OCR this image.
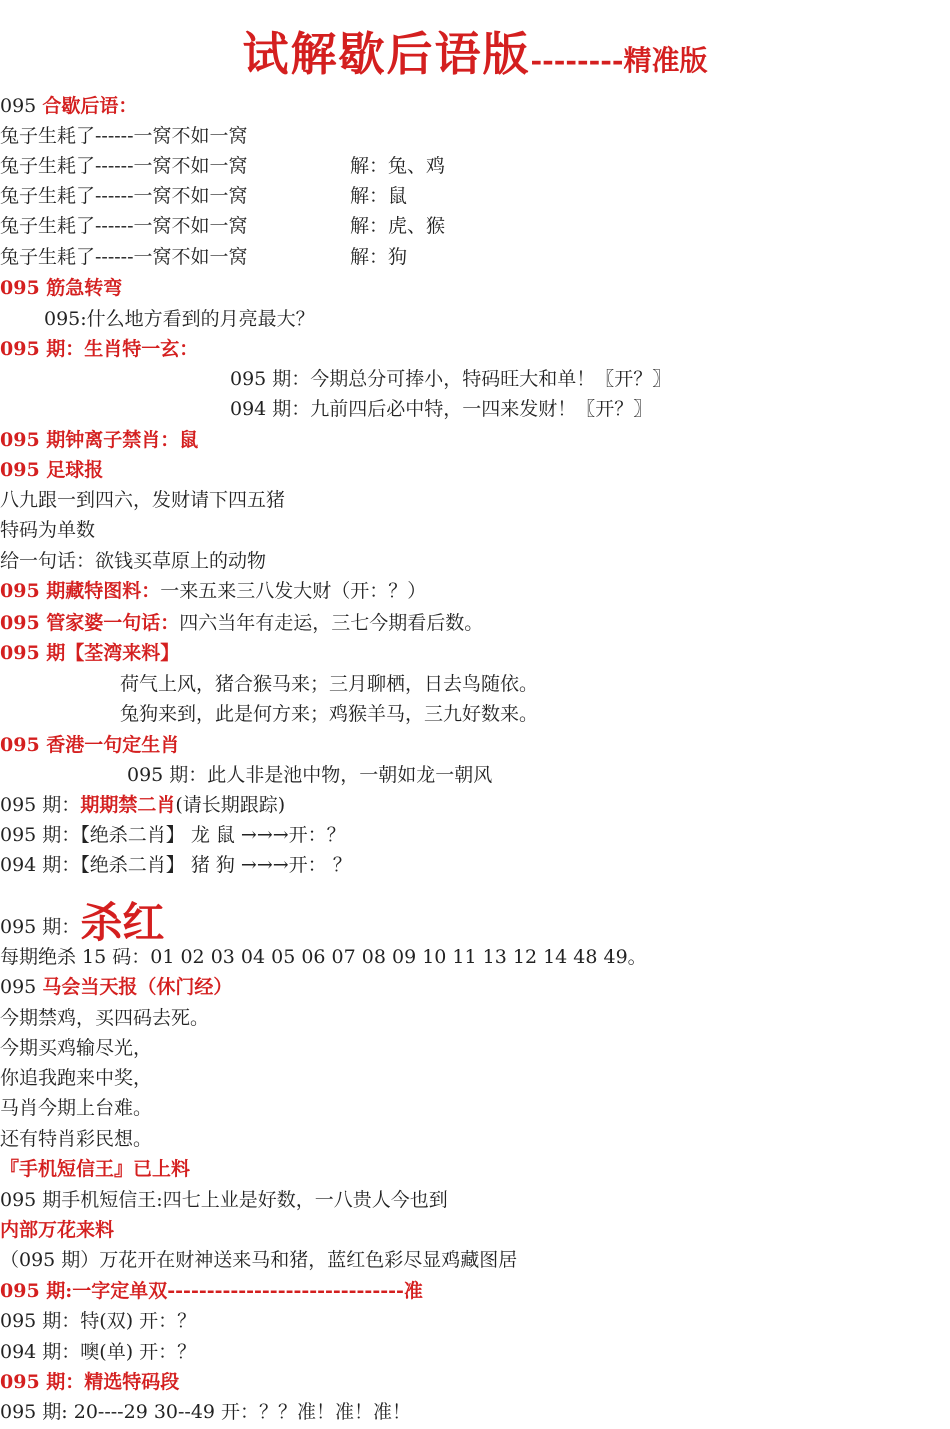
试解歇后语版--------精准版
095 合歇后语：
兔子生耗了------一窝不如一窝
兔子生耗了------一窝不如一窝	解：兔、鸡
兔子生耗了------一窝不如一窝	解：鼠
兔子生耗了------一窝不如一窝	解：虎、猴
兔子生耗了------一窝不如一窝	解：狗
095 筋急转弯
095:什么地方看到的月亮最大？
095 期：生肖特一玄：
095 期：今期总分可捧小，特码旺大和单！〖开？〗
094 期：九前四后必中特，一四来发财！〖开？〗
095 期钟离子禁肖：鼠
095 足球报
八九跟一到四六，发财请下四五猪
特码为单数
给一句话：欲钱买草原上的动物
095 期藏特图料：一来五来三八发大财（开：？）
095 管家婆一句话：四六当年有走运，三七今期看后数。
095 期【荃湾来料】
荷气上风，猪合猴马来；三月聊栖，日去鸟随依。
兔狗来到，此是何方来；鸡猴羊马，三九好数来。
095 香港一句定生肖
095 期：此人非是池中物，一朝如龙一朝风
095 期：期期禁二肖(请长期跟踪)
095 期：【绝杀二肖】 龙 鼠 →→→开：？
094 期：【绝杀二肖】 猪 狗 →→→开： ？
095 期：杀红
每期绝杀 15 码：01 02 03 04 05 06 07 08 09 10 11 13 12 14 48 49。
095 马会当天报（休门经）
今期禁鸡，买四码去死。
今期买鸡输尽光，
你追我跑来中奖，
马肖今期上台难。
还有特肖彩民想。
『手机短信王』已上料
095 期手机短信王:四七上业是好数，一八贵人今也到
内部万花来料
（095 期）万花开在财神送来马和猪，蓝红色彩尽显鸡藏图居
095 期:一字定单双------------------------------准
095 期：特(双) 开：？
094 期：噢(单) 开：？
095 期：精选特码段
095 期: 20----29 30--49 开：？？准！准！准！
